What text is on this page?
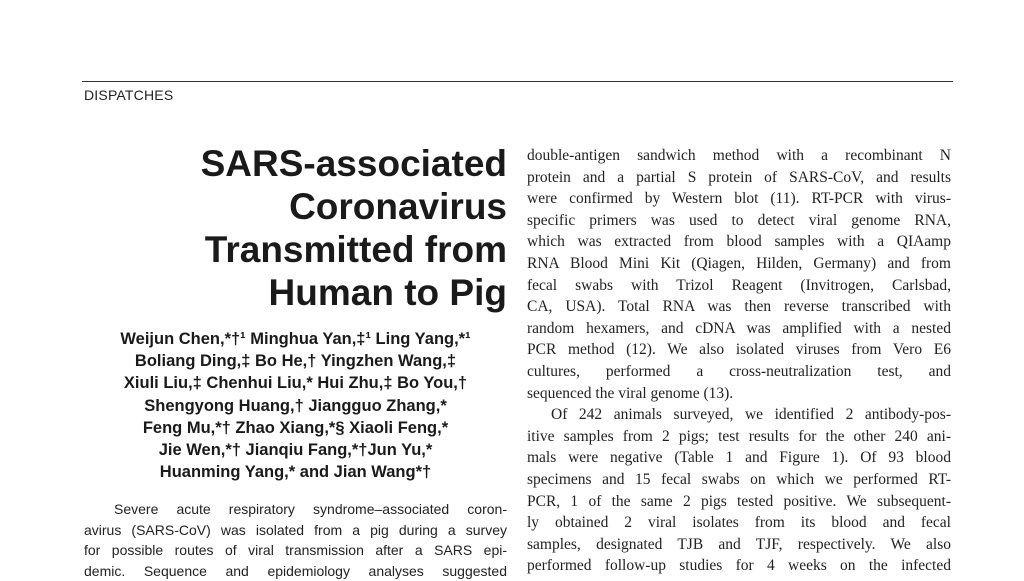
DISPATCHES
SARS-associated
Coronavirus
Transmitted from
Human to Pig
Weijun Chen,*†¹ Minghua Yan,‡¹ Ling Yang,*¹
Boliang Ding,‡ Bo He,† Yingzhen Wang,‡
Xiuli Liu,‡ Chenhui Liu,* Hui Zhu,‡ Bo You,†
Shengyong Huang,† Jiangguo Zhang,*
Feng Mu,*† Zhao Xiang,*§ Xiaoli Feng,*
Jie Wen,*† Jianqiu Fang,*†Jun Yu,*
Huanming Yang,* and Jian Wang*†
Severe acute respiratory syndrome–associated coron-
avirus (SARS-CoV) was isolated from a pig during a survey
for possible routes of viral transmission after a SARS epi-
demic. Sequence and epidemiology analyses suggested
double-antigen sandwich method with a recombinant N
protein and a partial S protein of SARS-CoV, and results
were confirmed by Western blot (11). RT-PCR with virus-
specific primers was used to detect viral genome RNA,
which was extracted from blood samples with a QIAamp
RNA Blood Mini Kit (Qiagen, Hilden, Germany) and from
fecal swabs with Trizol Reagent (Invitrogen, Carlsbad,
CA, USA). Total RNA was then reverse transcribed with
random hexamers, and cDNA was amplified with a nested
PCR method (12). We also isolated viruses from Vero E6
cultures, performed a cross-neutralization test, and
sequenced the viral genome (13).
Of 242 animals surveyed, we identified 2 antibody-pos-
itive samples from 2 pigs; test results for the other 240 ani-
mals were negative (Table 1 and Figure 1). Of 93 blood
specimens and 15 fecal swabs on which we performed RT-
PCR, 1 of the same 2 pigs tested positive. We subsequent-
ly obtained 2 viral isolates from its blood and fecal
samples, designated TJB and TJF, respectively. We also
performed follow-up studies for 4 weeks on the infected
